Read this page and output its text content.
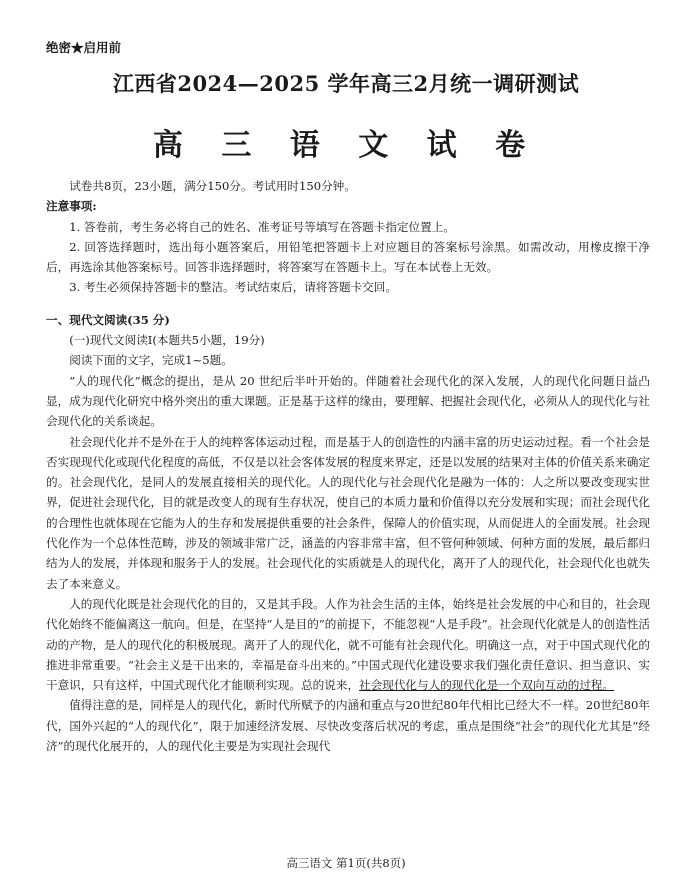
绝密★启用前
江西省2024—2025 学年高三2月统一调研测试
高 三 语 文 试 卷

试卷共8页，23小题，满分150分。考试用时150分钟。

注意事项:

1. 答卷前，考生务必将自己的姓名、准考证号等填写在答题卡指定位置上。

2. 回答选择题时，选出每小题答案后，用铅笔把答题卡上对应题目的答案标号涂黑。如需改动，用橡皮擦干净后，再选涂其他答案标号。回答非选择题时，将答案写在答题卡上。写在本试卷上无效。

3. 考生必须保持答题卡的整洁。考试结束后，请将答题卡交回。

一、现代文阅读(35 分)

(一)现代文阅读Ⅰ(本题共5小题，19分)

阅读下面的文字，完成1~5题。

“人的现代化”概念的提出，是从 20 世纪后半叶开始的。伴随着社会现代化的深入发展，人的现代化问题日益凸显，成为现代化研究中格外突出的重大课题。正是基于这样的缘由，要理解、把握社会现代化，必须从人的现代化与社会现代化的关系谈起。

社会现代化并不是外在于人的纯粹客体运动过程，而是基于人的创造性的内涵丰富的历史运动过程。看一个社会是否实现现代化或现代化程度的高低，不仅是以社会客体发展的程度来界定，还是以发展的结果对主体的价值关系来确定的。社会现代化，是同人的发展直接相关的现代化。人的现代化与社会现代化是融为一体的：人之所以要改变现实世界，促进社会现代化，目的就是改变人的现有生存状况，使自己的本质力量和价值得以充分发展和实现；而社会现代化的合理性也就体现在它能为人的生存和发展提供重要的社会条件，保障人的价值实现，从而促进人的全面发展。社会现代化作为一个总体性范畴，涉及的领域非常广泛，涵盖的内容非常丰富，但不管何种领域、何种方面的发展，最后都归结为人的发展，并体现和服务于人的发展。社会现代化的实质就是人的现代化，离开了人的现代化，社会现代化也就失去了本来意义。

人的现代化既是社会现代化的目的，又是其手段。人作为社会生活的主体，始终是社会发展的中心和目的，社会现代化始终不能偏离这一航向。但是，在坚持“人是目的”的前提下，不能忽视“人是手段”。社会现代化就是人的创造性活动的产物，是人的现代化的积极展现。离开了人的现代化，就不可能有社会现代化。明确这一点，对于中国式现代化的推进非常重要。“社会主义是干出来的，幸福是奋斗出来的。”中国式现代化建设要求我们强化责任意识、担当意识、实干意识，只有这样，中国式现代化才能顺利实现。总的说来，社会现代化与人的现代化是一个双向互动的过程。

值得注意的是，同样是人的现代化，新时代所赋予的内涵和重点与20世纪80年代相比已经大不一样。20世纪80年代，国外兴起的“人的现代化”，限于加速经济发展、尽快改变落后状况的考虑，重点是围绕“社会”的现代化尤其是“经济”的现代化展开的，人的现代化主要是为实现社会现代

高三语文 第1页(共8页)
